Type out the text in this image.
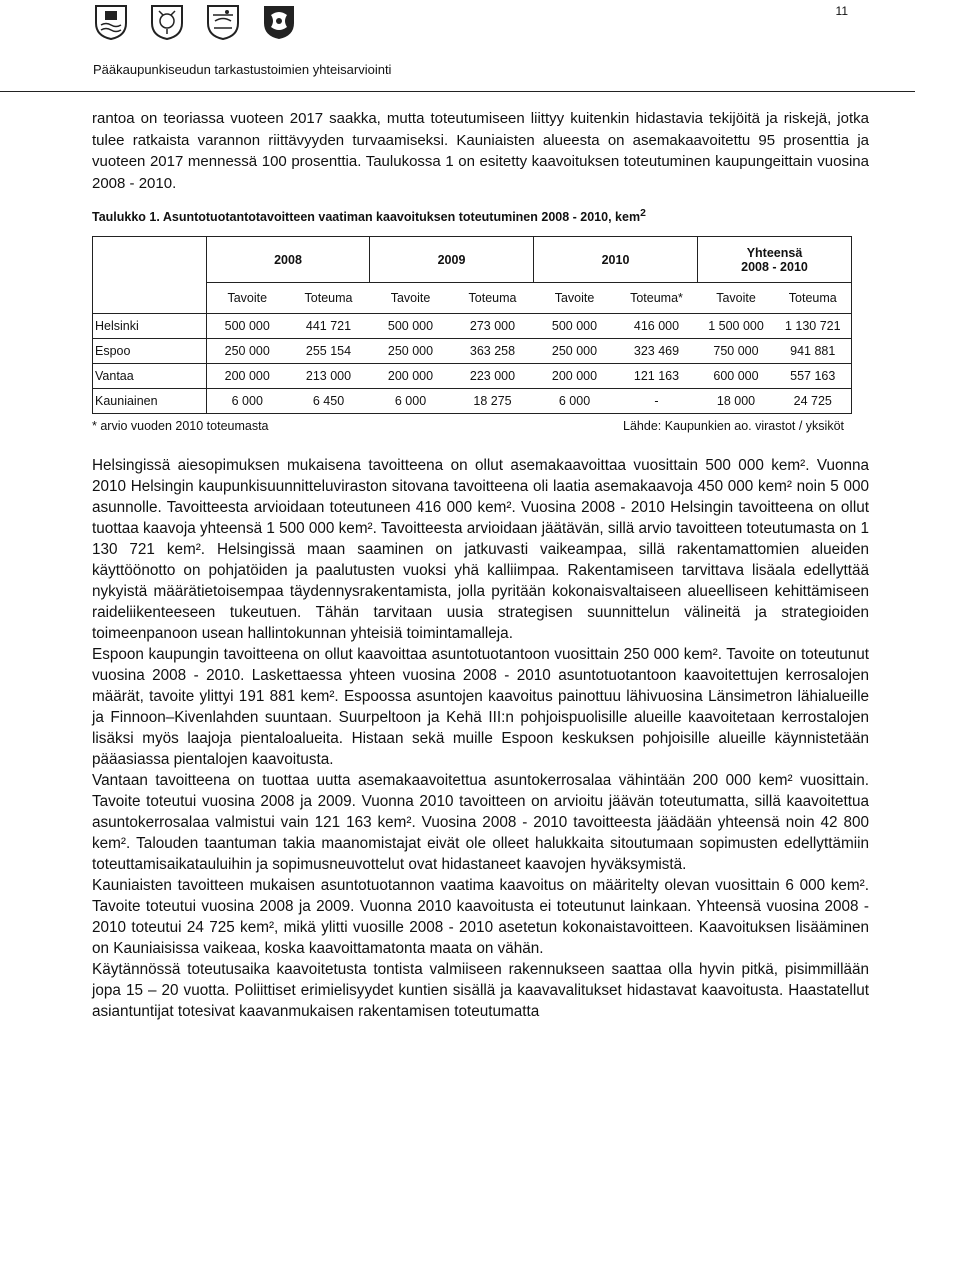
11
Pääkaupunkiseudun tarkastustoimien yhteisarviointi

rantoa on teoriassa vuoteen 2017 saakka, mutta toteutumiseen liittyy kuitenkin hidastavia tekijöitä ja riskejä, jotka tulee ratkaista varannon riittävyyden turvaamiseksi. Kauniaisten alueesta on asemakaavoitettu 95 prosenttia ja vuoteen 2017 mennessä 100 prosenttia. Taulukossa 1 on esitetty kaavoituksen toteutuminen kaupungeittain vuosina 2008 - 2010.

Taulukko 1. Asuntotuotantotavoitteen vaatiman kaavoituksen toteutuminen 2008 - 2010, kem$^2$
	2008		2009		2010		Yhteensä
2008 - 2010	

	Tavoite	Toteuma	Tavoite	Toteuma	Tavoite	Toteuma*	Tavoite	Toteuma
Helsinki	500 000	441 721	500 000	273 000	500 000	416 000	1 500 000	1 130 721
Espoo	250 000	255 154	250 000	363 258	250 000	323 469	750 000	941 881
Vantaa	200 000	213 000	200 000	223 000	200 000	121 163	600 000	557 163
Kauniainen	6 000	6 450	6 000	18 275	6 000	-	18 000	24 725
* arvio vuoden 2010 toteumasta	Lähde: Kaupunkien ao. virastot / yksiköt

Helsingissä aiesopimuksen mukaisena tavoitteena on ollut asemakaavoittaa vuosittain 500 000 kem². Vuonna 2010 Helsingin kaupunkisuunnitteluviraston sitovana tavoitteena oli laatia asemakaavoja 450 000 kem² noin 5 000 asunnolle. Tavoitteesta arvioidaan toteutuneen 416 000 kem². Vuosina 2008 - 2010 Helsingin tavoitteena on ollut tuottaa kaavoja yhteensä 1 500 000 kem². Tavoitteesta arvioidaan jäätävän, sillä arvio tavoitteen toteutumasta on 1 130 721 kem². Helsingissä maan saaminen on jatkuvasti vaikeampaa, sillä rakentamattomien alueiden käyttöönotto on pohjatöiden ja paalutusten vuoksi yhä kalliimpaa. Rakentamiseen tarvittava lisäala edellyttää nykyistä määrätietoisempaa täydennysrakentamista, jolla pyritään kokonaisvaltaiseen alueelliseen kehittämiseen raideliikenteeseen tukeutuen. Tähän tarvitaan uusia strategisen suunnittelun välineitä ja strategioiden toimeenpanoon usean hallintokunnan yhteisiä toimintamalleja.

Espoon kaupungin tavoitteena on ollut kaavoittaa asuntotuotantoon vuosittain 250 000 kem². Tavoite on toteutunut vuosina 2008 - 2010. Laskettaessa yhteen vuosina 2008 - 2010 asuntotuotantoon kaavoitettujen kerrosalojen määrät, tavoite ylittyi 191 881 kem². Espoossa asuntojen kaavoitus painottuu lähivuosina Länsimetron lähialueille ja Finnoon–Kivenlahden suuntaan. Suurpeltoon ja Kehä III:n pohjoispuolisille alueille kaavoitetaan kerrostalojen lisäksi myös laajoja pientaloalueita. Histaan sekä muille Espoon keskuksen pohjoisille alueille käynnistetään pääasiassa pientalojen kaavoitusta.

Vantaan tavoitteena on tuottaa uutta asemakaavoitettua asuntokerrosalaa vähintään 200 000 kem² vuosittain. Tavoite toteutui vuosina 2008 ja 2009. Vuonna 2010 tavoitteen on arvioitu jäävän toteutumatta, sillä kaavoitettua asuntokerrosalaa valmistui vain 121 163 kem². Vuosina 2008 - 2010 tavoitteesta jäädään yhteensä noin 42 800 kem². Talouden taantuman takia maanomistajat eivät ole olleet halukkaita sitoutumaan sopimusten edellyttämiin toteuttamisaikatauluihin ja sopimusneuvottelut ovat hidastaneet kaavojen hyväksymistä.

Kauniaisten tavoitteen mukaisen asuntotuotannon vaatima kaavoitus on määritelty olevan vuosittain 6 000 kem². Tavoite toteutui vuosina 2008 ja 2009. Vuonna 2010 kaavoitusta ei toteutunut lainkaan. Yhteensä vuosina 2008 - 2010 toteutui 24 725 kem², mikä ylitti vuosille 2008 - 2010 asetetun kokonaistavoitteen. Kaavoituksen lisääminen on Kauniaisissa vaikeaa, koska kaavoittamatonta maata on vähän.

Käytännössä toteutusaika kaavoitetusta tontista valmiiseen rakennukseen saattaa olla hyvin pitkä, pisimmillään jopa 15 – 20 vuotta. Poliittiset erimielisyydet kuntien sisällä ja kaavavalitukset hidastavat kaavoitusta. Haastatellut asiantuntijat totesivat kaavanmukaisen rakentamisen toteutumatta
